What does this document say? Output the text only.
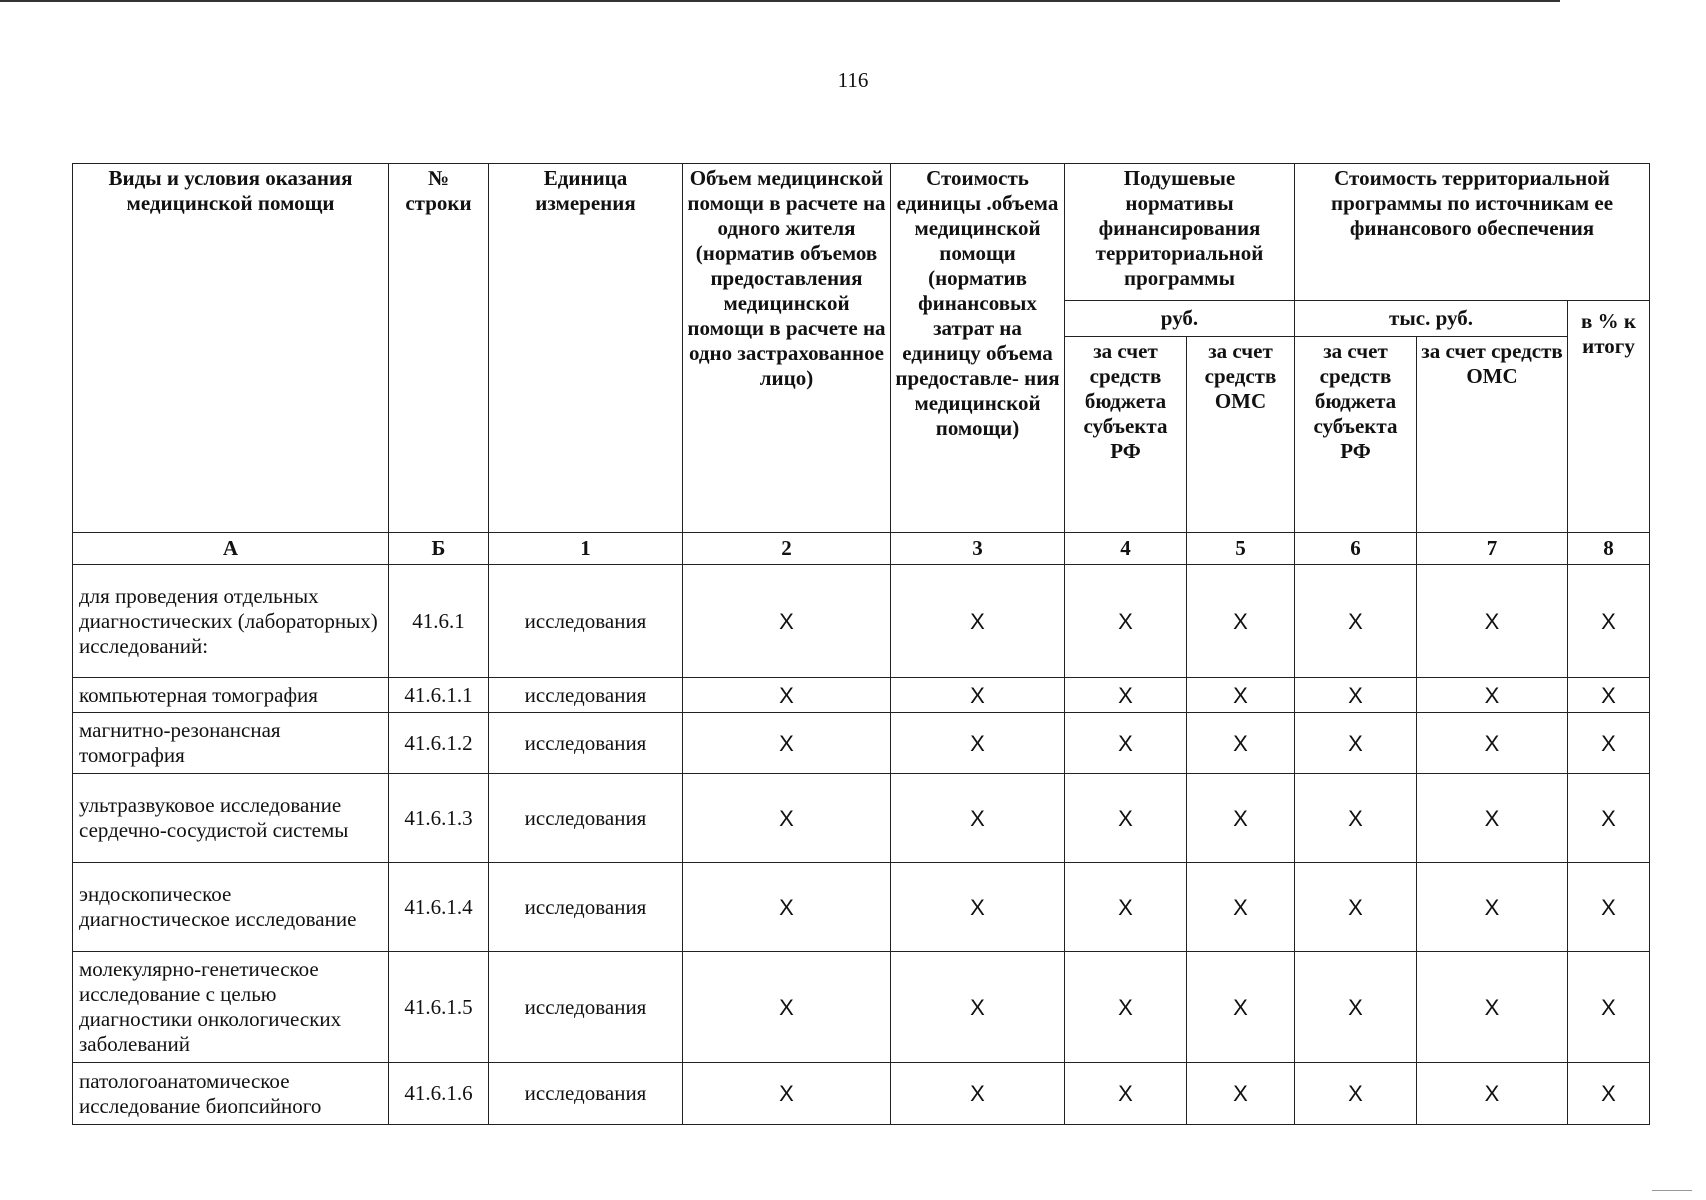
116
Виды и условия оказания медицинской помощи	№ строки	Единица измерения	Объем медицинской помощи в расчете на одного жителя (норматив объемов предоставления медицинской помощи в расчете на одно застрахованное лицо)	Стоимость единицы .объема медицинской помощи (норматив финансовых затрат на единицу объема предоставле- ния медицинской помощи)	Подушевые нормативы финансирования территориальной программы		Стоимость территориальной программы по источникам ее финансового обеспечения		
					руб.		тыс. руб.		в % к итогу
					за счет средств бюджета субъекта РФ	за счет средств ОМС	за счет средств бюджета субъекта РФ	за счет средств ОМС	
А	Б	1	2	3	4	5	6	7	8
для проведения отдельных диагностических (лабораторных) исследований:	41.6.1	исследования	X	X	X	X	X	X	X
компьютерная томография	41.6.1.1	исследования	X	X	X	X	X	X	X
магнитно-резонансная томография	41.6.1.2	исследования	X	X	X	X	X	X	X
ультразвуковое исследование сердечно-сосудистой системы	41.6.1.3	исследования	X	X	X	X	X	X	X
эндоскопическое диагностическое исследование	41.6.1.4	исследования	X	X	X	X	X	X	X
молекулярно-генетическое исследование с целью диагностики онкологических заболеваний	41.6.1.5	исследования	X	X	X	X	X	X	X
патологоанатомическое исследование биопсийного	41.6.1.6	исследования	X	X	X	X	X	X	X
